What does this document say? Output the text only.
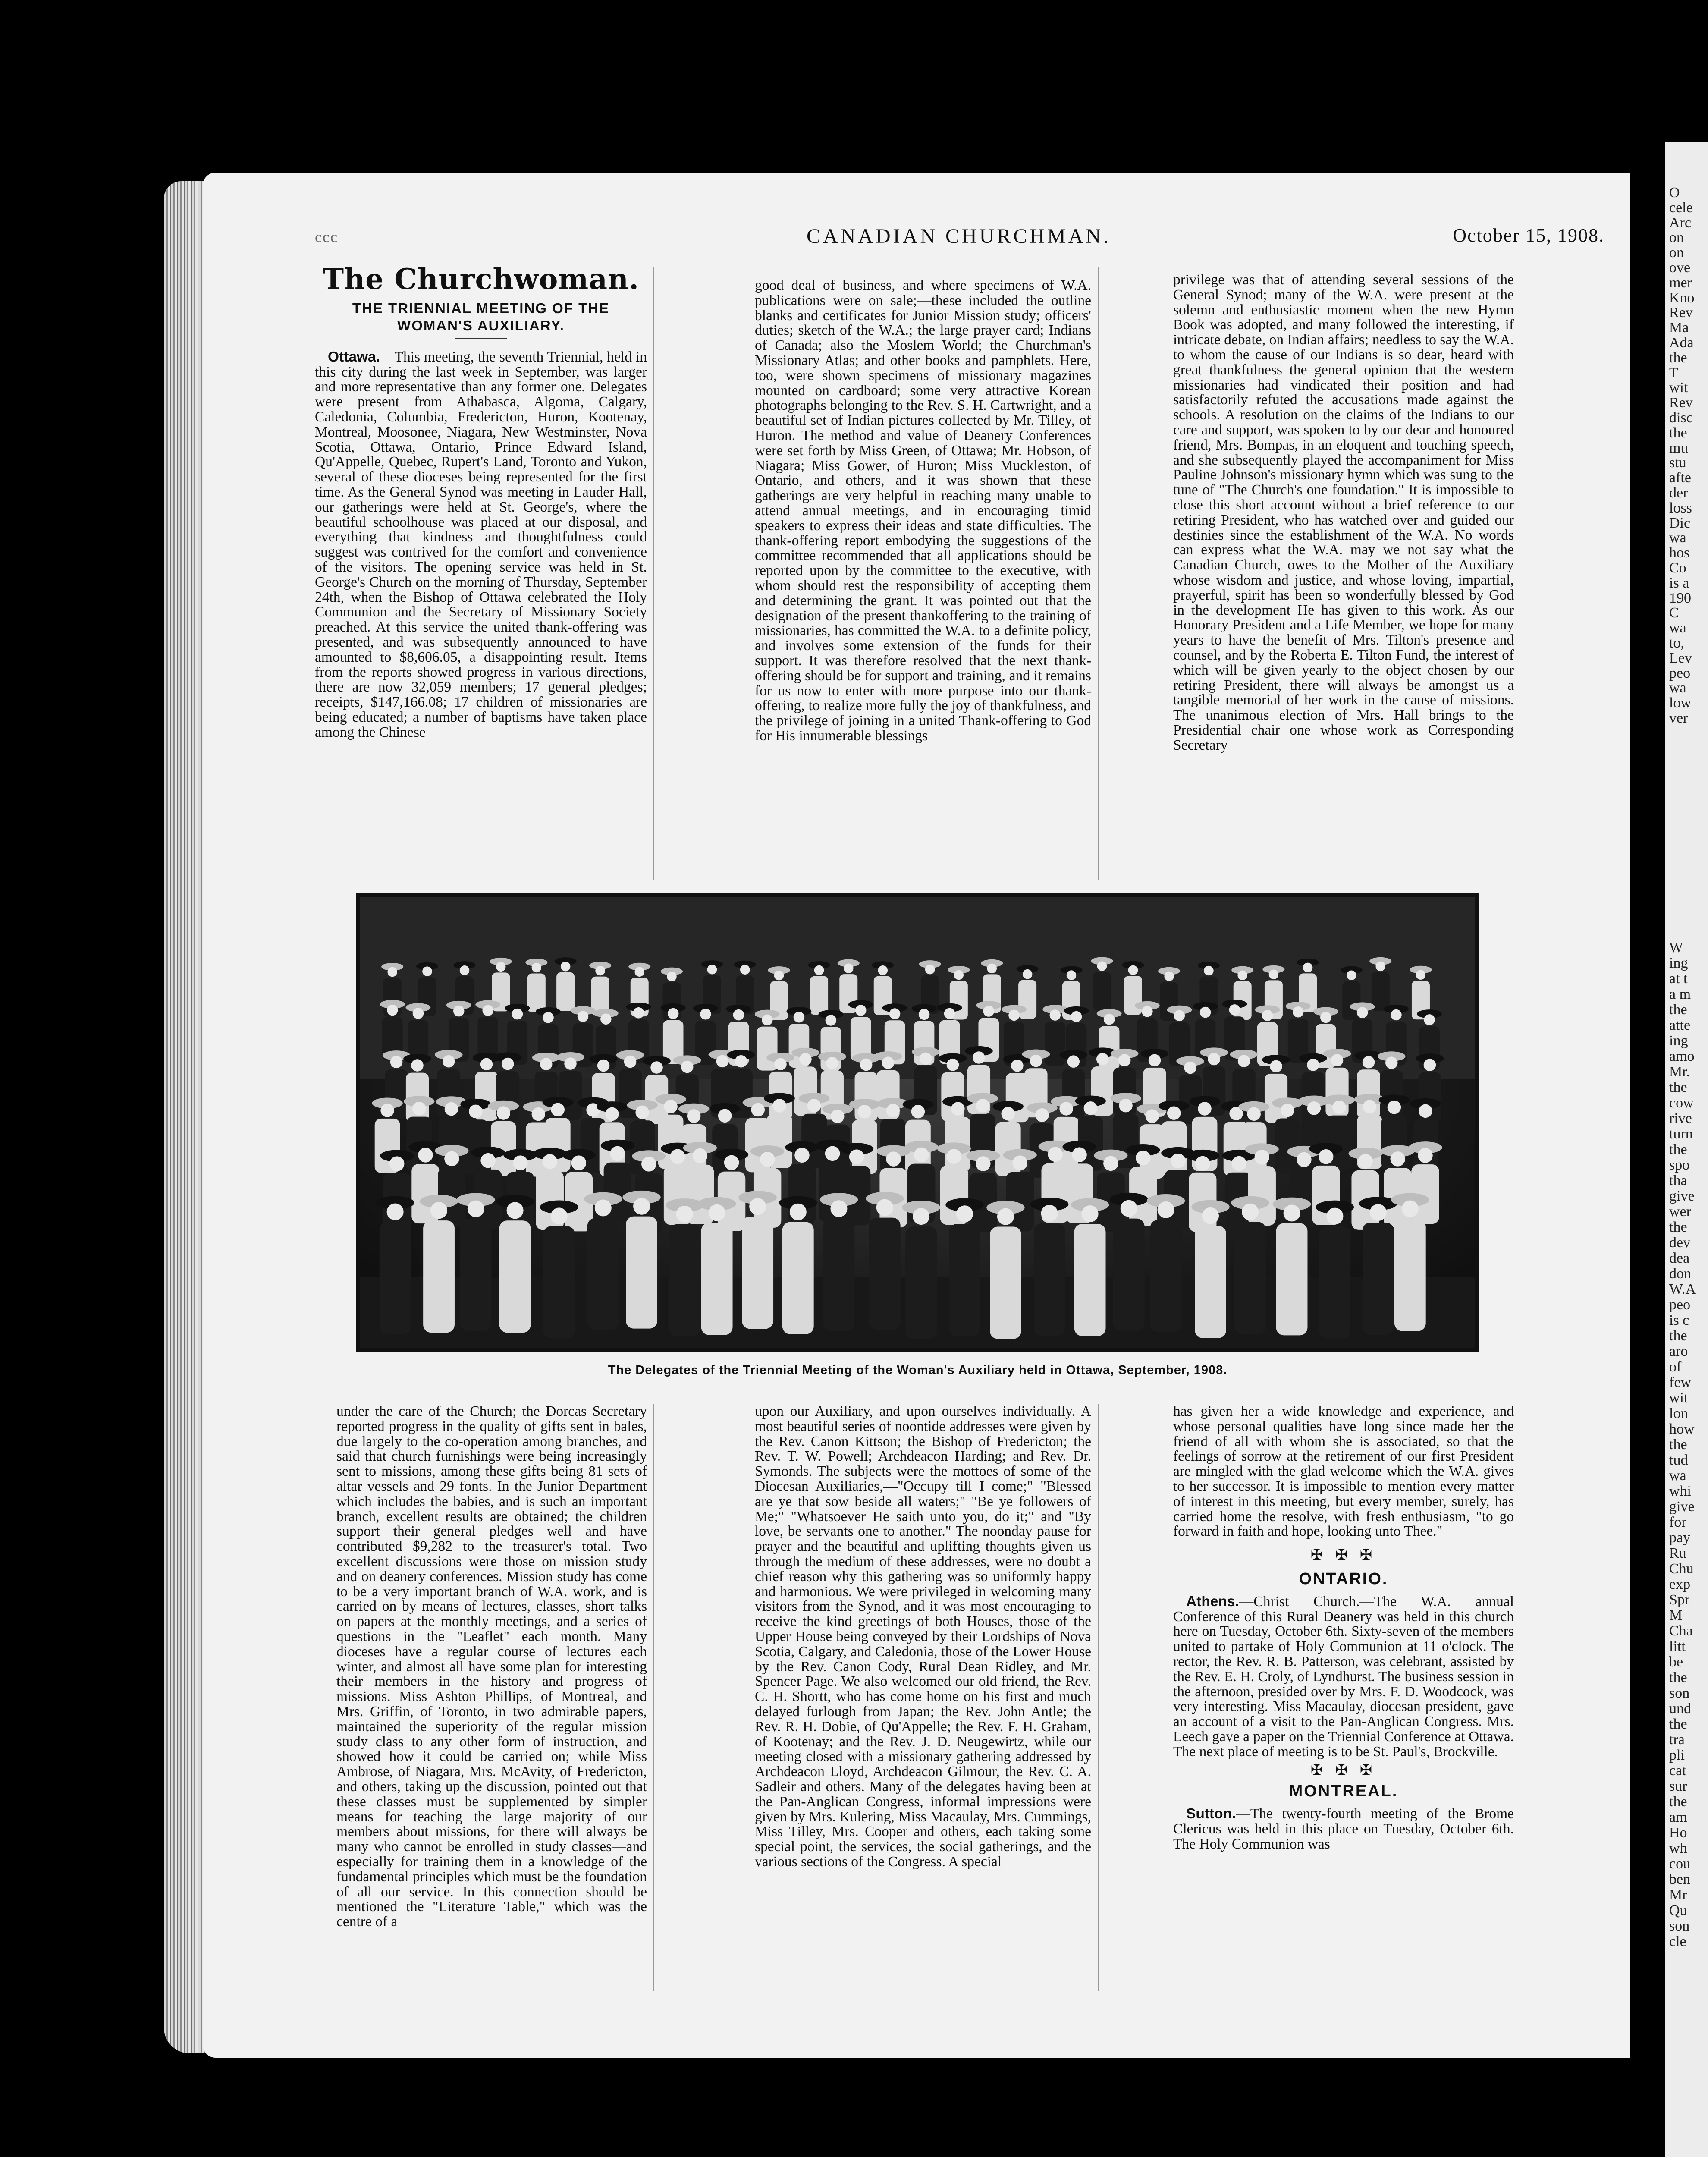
ccc	CANADIAN CHURCHMAN.	October 15, 1908.
The Churchwoman.
THE TRIENNIAL MEETING OF THE WOMAN'S AUXILIARY.

Ottawa.—This meeting, the seventh Triennial, held in this city during the last week in September, was larger and more representative than any former one. Delegates were present from Athabasca, Algoma, Calgary, Caledonia, Columbia, Fredericton, Huron, Kootenay, Montreal, Moosonee, Niagara, New Westminster, Nova Scotia, Ottawa, Ontario, Prince Edward Island, Qu'Appelle, Quebec, Rupert's Land, Toronto and Yukon, several of these dioceses being represented for the first time. As the General Synod was meeting in Lauder Hall, our gatherings were held at St. George's, where the beautiful schoolhouse was placed at our disposal, and everything that kindness and thoughtfulness could suggest was contrived for the comfort and convenience of the visitors. The opening service was held in St. George's Church on the morning of Thursday, September 24th, when the Bishop of Ottawa celebrated the Holy Communion and the Secretary of Missionary Society preached. At this service the united thank-offering was presented, and was subsequently announced to have amounted to $8,606.05, a disappointing result. Items from the reports showed progress in various directions, there are now 32,059 members; 17 general pledges; receipts, $147,166.08; 17 children of missionaries are being educated; a number of baptisms have taken place among the Chinese

good deal of business, and where specimens of W.A. publications were on sale;—these included the outline blanks and certificates for Junior Mission study; officers' duties; sketch of the W.A.; the large prayer card; Indians of Canada; also the Moslem World; the Churchman's Missionary Atlas; and other books and pamphlets. Here, too, were shown specimens of missionary magazines mounted on cardboard; some very attractive Korean photographs belonging to the Rev. S. H. Cartwright, and a beautiful set of Indian pictures collected by Mr. Tilley, of Huron. The method and value of Deanery Conferences were set forth by Miss Green, of Ottawa; Mr. Hobson, of Niagara; Miss Gower, of Huron; Miss Muckleston, of Ontario, and others, and it was shown that these gatherings are very helpful in reaching many unable to attend annual meetings, and in encouraging timid speakers to express their ideas and state difficulties. The thank-offering report embodying the suggestions of the committee recommended that all applications should be reported upon by the committee to the executive, with whom should rest the responsibility of accepting them and determining the grant. It was pointed out that the designation of the present thankoffering to the training of missionaries, has committed the W.A. to a definite policy, and involves some extension of the funds for their support. It was therefore resolved that the next thank-offering should be for support and training, and it remains for us now to enter with more purpose into our thank-offering, to realize more fully the joy of thankfulness, and the privilege of joining in a united Thank-offering to God for His innumerable blessings

privilege was that of attending several sessions of the General Synod; many of the W.A. were present at the solemn and enthusiastic moment when the new Hymn Book was adopted, and many followed the interesting, if intricate debate, on Indian affairs; needless to say the W.A. to whom the cause of our Indians is so dear, heard with great thankfulness the general opinion that the western missionaries had vindicated their position and had satisfactorily refuted the accusations made against the schools. A resolution on the claims of the Indians to our care and support, was spoken to by our dear and honoured friend, Mrs. Bompas, in an eloquent and touching speech, and she subsequently played the accompaniment for Miss Pauline Johnson's missionary hymn which was sung to the tune of "The Church's one foundation." It is impossible to close this short account without a brief reference to our retiring President, who has watched over and guided our destinies since the establishment of the W.A. No words can express what the W.A. may we not say what the Canadian Church, owes to the Mother of the Auxiliary whose wisdom and justice, and whose loving, impartial, prayerful, spirit has been so wonderfully blessed by God in the development He has given to this work. As our Honorary President and a Life Member, we hope for many years to have the benefit of Mrs. Tilton's presence and counsel, and by the Roberta E. Tilton Fund, the interest of which will be given yearly to the object chosen by our retiring President, there will always be amongst us a tangible memorial of her work in the cause of missions. The unanimous election of Mrs. Hall brings to the Presidential chair one whose work as Corresponding Secretary

The Delegates of the Triennial Meeting of the Woman's Auxiliary held in Ottawa, September, 1908.

under the care of the Church; the Dorcas Secretary reported progress in the quality of gifts sent in bales, due largely to the co-operation among branches, and said that church furnishings were being increasingly sent to missions, among these gifts being 81 sets of altar vessels and 29 fonts. In the Junior Department which includes the babies, and is such an important branch, excellent results are obtained; the children support their general pledges well and have contributed $9,282 to the treasurer's total. Two excellent discussions were those on mission study and on deanery conferences. Mission study has come to be a very important branch of W.A. work, and is carried on by means of lectures, classes, short talks on papers at the monthly meetings, and a series of questions in the "Leaflet" each month. Many dioceses have a regular course of lectures each winter, and almost all have some plan for interesting their members in the history and progress of missions. Miss Ashton Phillips, of Montreal, and Mrs. Griffin, of Toronto, in two admirable papers, maintained the superiority of the regular mission study class to any other form of instruction, and showed how it could be carried on; while Miss Ambrose, of Niagara, Mrs. McAvity, of Fredericton, and others, taking up the discussion, pointed out that these classes must be supplemented by simpler means for teaching the large majority of our members about missions, for there will always be many who cannot be enrolled in study classes—and especially for training them in a knowledge of the fundamental principles which must be the foundation of all our service. In this connection should be mentioned the "Literature Table," which was the centre of a

upon our Auxiliary, and upon ourselves individually. A most beautiful series of noontide addresses were given by the Rev. Canon Kittson; the Bishop of Fredericton; the Rev. T. W. Powell; Archdeacon Harding; and Rev. Dr. Symonds. The subjects were the mottoes of some of the Diocesan Auxiliaries,—"Occupy till I come;" "Blessed are ye that sow beside all waters;" "Be ye followers of Me;" "Whatsoever He saith unto you, do it;" and "By love, be servants one to another." The noonday pause for prayer and the beautiful and uplifting thoughts given us through the medium of these addresses, were no doubt a chief reason why this gathering was so uniformly happy and harmonious. We were privileged in welcoming many visitors from the Synod, and it was most encouraging to receive the kind greetings of both Houses, those of the Upper House being conveyed by their Lordships of Nova Scotia, Calgary, and Caledonia, those of the Lower House by the Rev. Canon Cody, Rural Dean Ridley, and Mr. Spencer Page. We also welcomed our old friend, the Rev. C. H. Shortt, who has come home on his first and much delayed furlough from Japan; the Rev. John Antle; the Rev. R. H. Dobie, of Qu'Appelle; the Rev. F. H. Graham, of Kootenay; and the Rev. J. D. Neugewirtz, while our meeting closed with a missionary gathering addressed by Archdeacon Lloyd, Archdeacon Gilmour, the Rev. C. A. Sadleir and others. Many of the delegates having been at the Pan-Anglican Congress, informal impressions were given by Mrs. Kulering, Miss Macaulay, Mrs. Cummings, Miss Tilley, Mrs. Cooper and others, each taking some special point, the services, the social gatherings, and the various sections of the Congress. A special

has given her a wide knowledge and experience, and whose personal qualities have long since made her the friend of all with whom she is associated, so that the feelings of sorrow at the retirement of our first President are mingled with the glad welcome which the W.A. gives to her successor. It is impossible to mention every matter of interest in this meeting, but every member, surely, has carried home the resolve, with fresh enthusiasm, "to go forward in faith and hope, looking unto Thee."

✠ ✠ ✠
ONTARIO.

Athens.—Christ Church.—The W.A. annual Conference of this Rural Deanery was held in this church here on Tuesday, October 6th. Sixty-seven of the members united to partake of Holy Communion at 11 o'clock. The rector, the Rev. R. B. Patterson, was celebrant, assisted by the Rev. E. H. Croly, of Lyndhurst. The business session in the afternoon, presided over by Mrs. F. D. Woodcock, was very interesting. Miss Macaulay, diocesan president, gave an account of a visit to the Pan-Anglican Congress. Mrs. Leech gave a paper on the Triennial Conference at Ottawa. The next place of meeting is to be St. Paul's, Brockville.

✠ ✠ ✠
MONTREAL.

Sutton.—The twenty-fourth meeting of the Brome Clericus was held in this place on Tuesday, October 6th. The Holy Communion was

O
cele
Arc
on
on
ove
mer
Kno
Rev
Ma
Ada
the
T
wit
Rev
disc
the
mu
stu
afte
der
loss
Dic
wa
hos
Co
is a
190
C
wa
to,
Lev
peo
wa
low
ver
W
ing
at t
a m
the
atte
ing
amo
Mr.
the
cow
rive
turn
the
spo
tha
give
wer
the
dev
dea
don
W.A
peo
is c
the
aro
of
few
wit
lon
how
the
tud
wa
whi
give
for
pay
Ru
Chu
exp
Spr
M
Cha
litt
be
the
son
und
the
tra
pli
cat
sur
the
am
Ho
wh
cou
ben
Mr
Qu
son
cle
